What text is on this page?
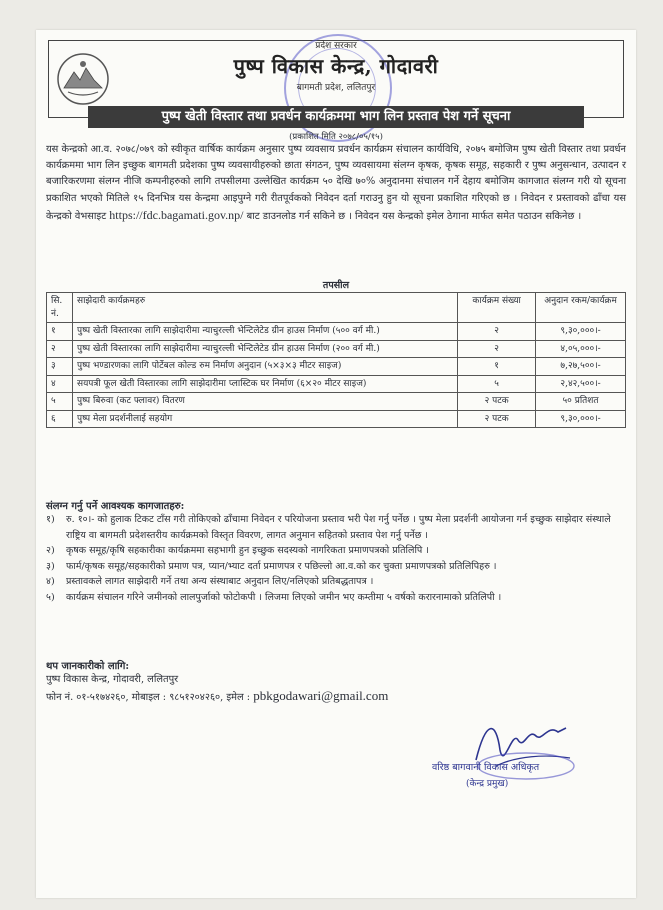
प्रदेश सरकार
पुष्प विकास केन्द्र, गोदावरी
बागमती प्रदेश, ललितपुर
पुष्प खेती विस्तार तथा प्रवर्धन कार्यक्रममा भाग लिन प्रस्ताव पेश गर्ने सूचना
(प्रकाशित मिति २०७८/०५/१५)
यस केन्द्रको आ.व. २०७८/०७९ को स्वीकृत वार्षिक कार्यक्रम अनुसार पुष्प व्यवसाय प्रवर्धन कार्यक्रम संचालन कार्यविधि, २०७५ बमोजिम पुष्प खेती विस्तार तथा प्रवर्धन कार्यक्रममा भाग लिन इच्छुक बागमती प्रदेशका पुष्प व्यवसायीहरुको छाता संगठन, पुष्प व्यवसायमा संलग्न कृषक, कृषक समूह, सहकारी र पुष्प अनुसन्धान, उत्पादन र बजारिकरणमा संलग्न नीजि कम्पनीहरुको लागि तपसीलमा उल्लेखित कार्यक्रम ५० देखि ७०% अनुदानमा संचालन गर्ने देहाय बमोजिम कागजात संलग्न गरी यो सूचना प्रकाशित भएको मितिले १५ दिनभित्र यस केन्द्रमा आइपुग्ने गरी रीतपूर्वकको निवेदन दर्ता गराउनु हुन यो सूचना प्रकाशित गरिएको छ । निवेदन र प्रस्तावको ढाँचा यस केन्द्रको वेभसाइट https://fdc.bagamati.gov.np/ बाट डाउनलोड गर्न सकिने छ । निवेदन यस केन्द्रको इमेल ठेगाना मार्फत समेत पठाउन सकिनेछ ।
तपसील
सि. नं.	साझेदारी कार्यक्रमहरु	कार्यक्रम संख्या	अनुदान रकम/कार्यक्रम
१	पुष्प खेती विस्तारका लागि साझेदारीमा न्याचुरल्ली भेन्टिलेटेड ग्रीन हाउस निर्माण (५०० वर्ग मी.)	२	९,३०,०००।-
२	पुष्प खेती विस्तारका लागि साझेदारीमा न्याचुरल्ली भेन्टिलेटेड ग्रीन हाउस निर्माण (२०० वर्ग मी.)	२	४,०५,०००।-
३	पुष्प भण्डारणका लागि पोर्टेबल कोल्ड रुम निर्माण अनुदान (५×३×३ मीटर साइज)	१	७,२७,५००।-
४	सयपत्री फूल खेती विस्तारका लागि साझेदारीमा प्लास्टिक घर निर्माण (६×२० मीटर साइज)	५	२,४२,५००।-
५	पुष्प बिरुवा (कट फ्लावर) वितरण	२ पटक	५० प्रतिशत
६	पुष्प मेला प्रदर्शनीलाई सहयोग	२ पटक	९,३०,०००।-
संलग्न गर्नु पर्ने आवश्यक कागजातहरु:
१) रु. १०।- को हुलाक टिकट टाँस गरी तोकिएको ढाँचामा निवेदन र परियोजना प्रस्ताव भरी पेश गर्नु पर्नेछ । पुष्प मेला प्रदर्शनी आयोजना गर्न इच्छुक साझेदार संस्थाले राष्ट्रिय वा बागमती प्रदेशस्तरीय कार्यक्रमको विस्तृत विवरण, लागत अनुमान सहितको प्रस्ताव पेश गर्नु पर्नेछ ।
२) कृषक समूह/कृषि सहकारीका कार्यक्रममा सहभागी हुन इच्छुक सदस्यको नागरिकता प्रमाणपत्रको प्रतिलिपि ।
३) फार्म/कृषक समूह/सहकारीको प्रमाण पत्र, प्यान/भ्याट दर्ता प्रमाणपत्र र पछिल्लो आ.व.को कर चुक्ता प्रमाणपत्रको प्रतिलिपिहरु ।
४) प्रस्तावकले लागत साझेदारी गर्ने तथा अन्य संस्थाबाट अनुदान लिए/नलिएको प्रतिबद्धतापत्र ।
५) कार्यक्रम संचालन गरिने जमीनको लालपुर्जाको फोटोकपी । लिजमा लिएको जमीन भए कम्तीमा ५ वर्षको करारनामाको प्रतिलिपी ।
थप जानकारीको लागि:
पुष्प विकास केन्द्र, गोदावरी, ललितपुर
फोन नं. ०१-५१७४२६०, मोबाइल : ९८५१२०४२६०, इमेल : pbkgodawari@gmail.com
वरिष्ठ बागवानी विकास अधिकृत
(केन्द्र प्रमुख)
